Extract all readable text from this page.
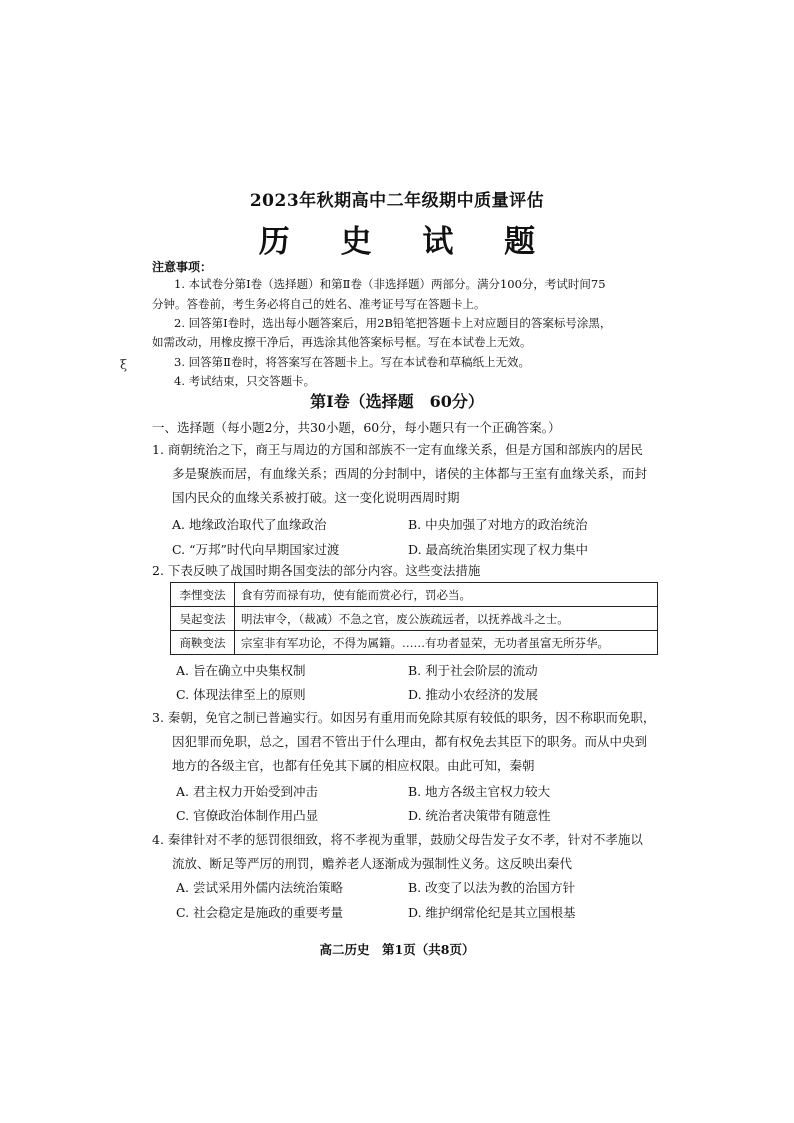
2023年秋期高中二年级期中质量评估
历 史 试 题
注意事项：
1. 本试卷分第Ⅰ卷（选择题）和第Ⅱ卷（非选择题）两部分。满分100分，考试时间75
分钟。答卷前，考生务必将自己的姓名、准考证号写在答题卡上。
2. 回答第Ⅰ卷时，选出每小题答案后，用2B铅笔把答题卡上对应题目的答案标号涂黑，
如需改动，用橡皮擦干净后，再选涂其他答案标号框。写在本试卷上无效。
3. 回答第Ⅱ卷时，将答案写在答题卡上。写在本试卷和草稿纸上无效。
4. 考试结束，只交答题卡。
ξ
第Ⅰ卷（选择题　60分）
一、选择题（每小题2分，共30小题，60分，每小题只有一个正确答案。）
1. 商朝统治之下，商王与周边的方国和部族不一定有血缘关系，但是方国和部族内的居民
多是聚族而居，有血缘关系；西周的分封制中，诸侯的主体都与王室有血缘关系，而封
国内民众的血缘关系被打破。这一变化说明西周时期
A. 地缘政治取代了血缘政治	B. 中央加强了对地方的政治统治
C. “万邦”时代向早期国家过渡	D. 最高统治集团实现了权力集中
2. 下表反映了战国时期各国变法的部分内容。这些变法措施
李悝变法	食有劳而禄有功，使有能而赏必行，罚必当。
吴起变法	明法审令，（裁减）不急之官，废公族疏远者，以抚养战斗之士。
商鞅变法	宗室非有军功论，不得为属籍。……有功者显荣，无功者虽富无所芬华。
A. 旨在确立中央集权制	B. 利于社会阶层的流动
C. 体现法律至上的原则	D. 推动小农经济的发展
3. 秦朝，免官之制已普遍实行。如因另有重用而免除其原有较低的职务，因不称职而免职，
因犯罪而免职，总之，国君不管出于什么理由，都有权免去其臣下的职务。而从中央到
地方的各级主官，也都有任免其下属的相应权限。由此可知，秦朝
A. 君主权力开始受到冲击	B. 地方各级主官权力较大
C. 官僚政治体制作用凸显	D. 统治者决策带有随意性
4. 秦律针对不孝的惩罚很细致，将不孝视为重罪，鼓励父母告发子女不孝，针对不孝施以
流放、断足等严厉的刑罚，赡养老人逐渐成为强制性义务。这反映出秦代
A. 尝试采用外儒内法统治策略	B. 改变了以法为教的治国方针
C. 社会稳定是施政的重要考量	D. 维护纲常伦纪是其立国根基
高二历史　第1页（共8页）
